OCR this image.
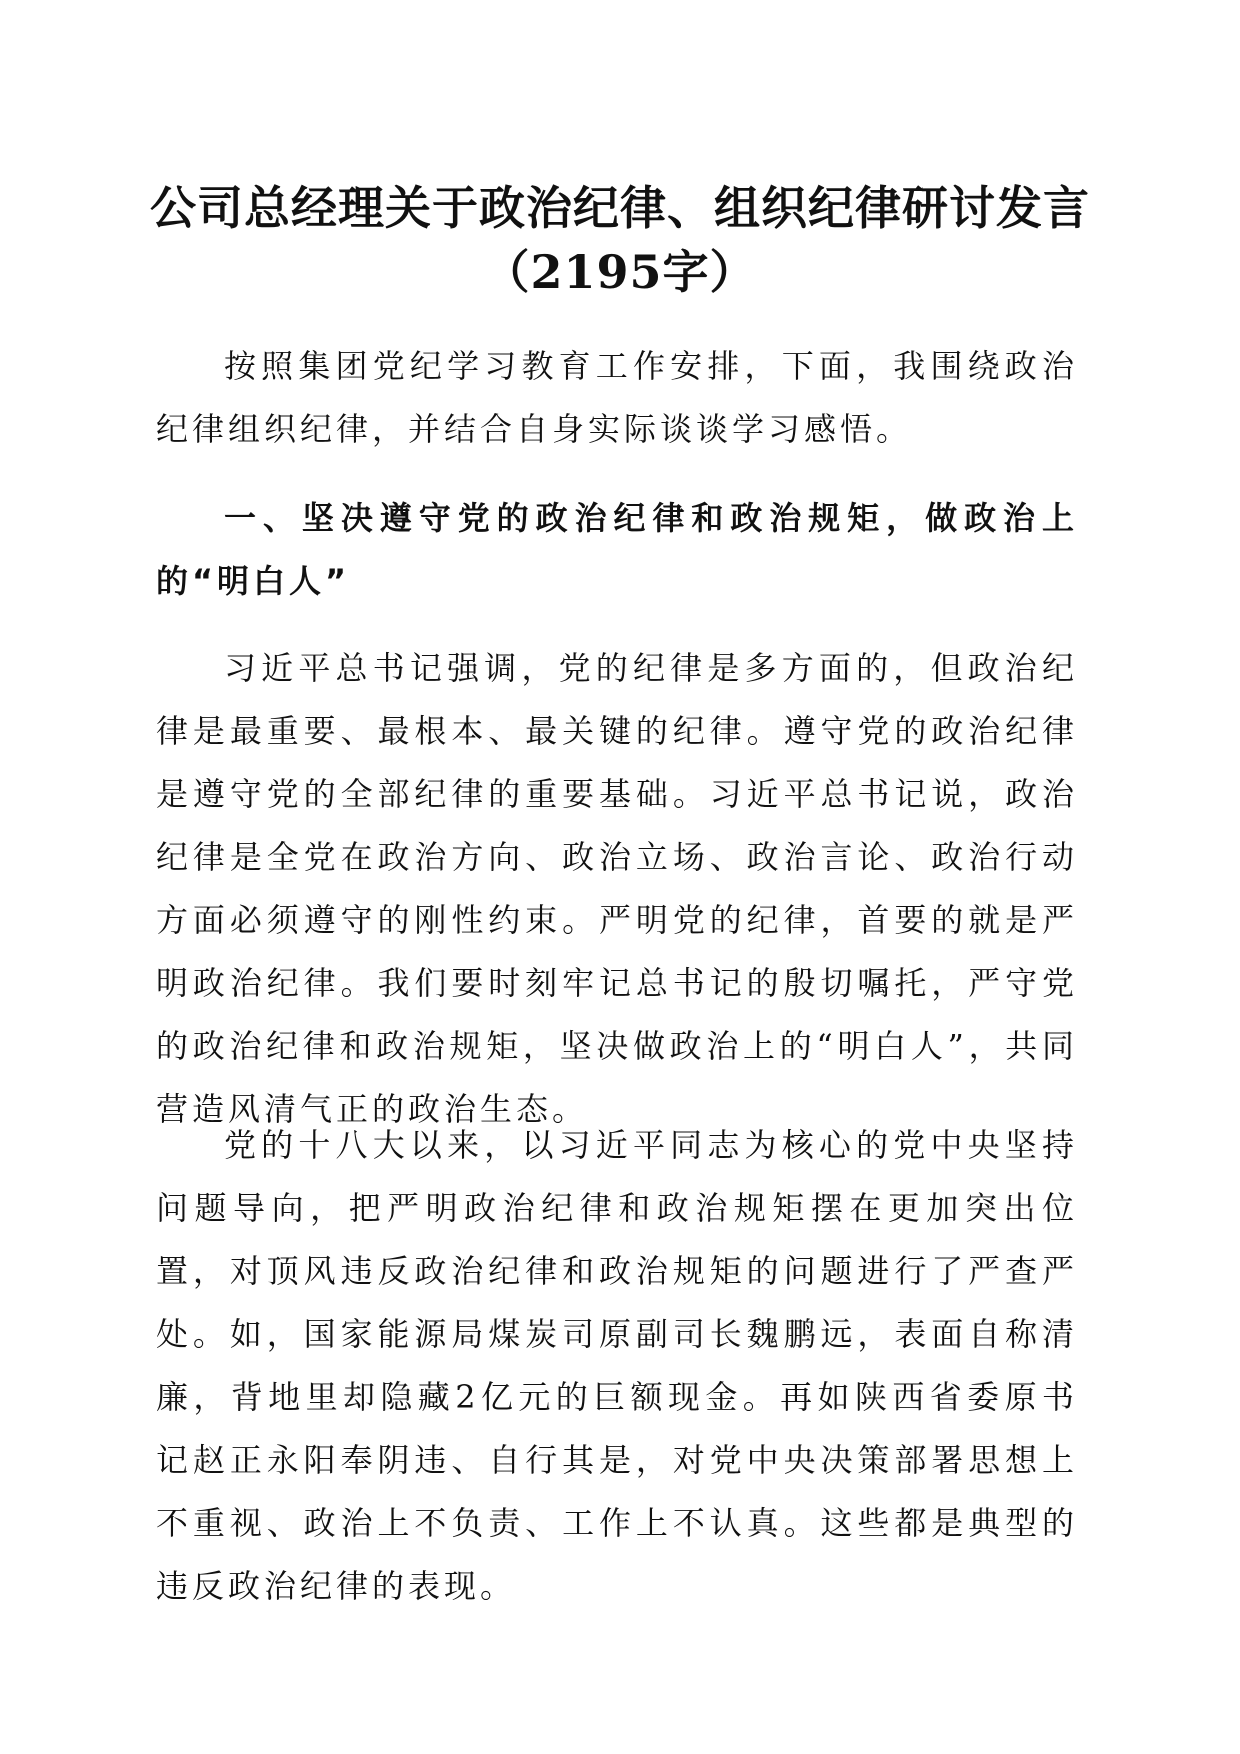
公司总经理关于政治纪律、组织纪律研讨发言
（2195字）

按照集团党纪学习教育工作安排，下面，我围绕政治纪律组织纪律，并结合自身实际谈谈学习感悟。

一、坚决遵守党的政治纪律和政治规矩，做政治上的“明白人”

习近平总书记强调，党的纪律是多方面的，但政治纪律是最重要、最根本、最关键的纪律。遵守党的政治纪律是遵守党的全部纪律的重要基础。习近平总书记说，政治纪律是全党在政治方向、政治立场、政治言论、政治行动方面必须遵守的刚性约束。严明党的纪律，首要的就是严明政治纪律。我们要时刻牢记总书记的殷切嘱托，严守党的政治纪律和政治规矩，坚决做政治上的“明白人”，共同营造风清气正的政治生态。

党的十八大以来，以习近平同志为核心的党中央坚持问题导向，把严明政治纪律和政治规矩摆在更加突出位置，对顶风违反政治纪律和政治规矩的问题进行了严查严处。如，国家能源局煤炭司原副司长魏鹏远，表面自称清廉，背地里却隐藏2亿元的巨额现金。再如陕西省委原书记赵正永阳奉阴违、自行其是，对党中央决策部署思想上不重视、政治上不负责、工作上不认真。这些都是典型的违反政治纪律的表现。
